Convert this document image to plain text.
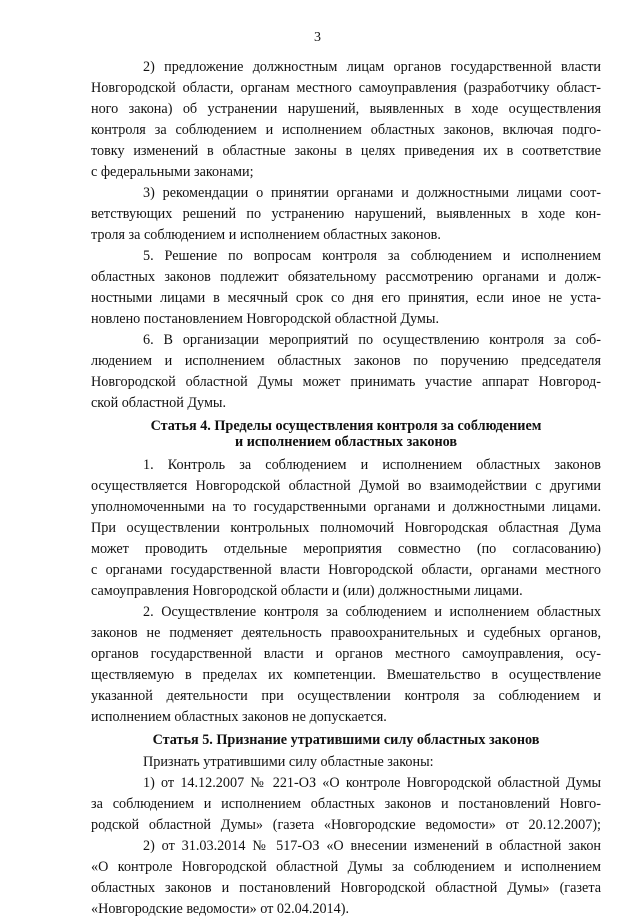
3
2) предложение должностным лицам органов государственной власти
Новгородской области, органам местного самоуправления (разработчику област-
ного закона) об устранении нарушений, выявленных в ходе осуществления
контроля за соблюдением и исполнением областных законов, включая подго-
товку изменений в областные законы в целях приведения их в соответствие
с федеральными законами;
3) рекомендации о принятии органами и должностными лицами соот-
ветствующих решений по устранению нарушений, выявленных в ходе кон-
троля за соблюдением и исполнением областных законов.
5. Решение по вопросам контроля за соблюдением и исполнением
областных законов подлежит обязательному рассмотрению органами и долж-
ностными лицами в месячный срок со дня его принятия, если иное не уста-
новлено постановлением Новгородской областной Думы.
6. В организации мероприятий по осуществлению контроля за соб-
людением и исполнением областных законов по поручению председателя
Новгородской областной Думы может принимать участие аппарат Новгород-
ской областной Думы.
Статья 4. Пределы осуществления контроля за соблюдением
и исполнением областных законов
1. Контроль за соблюдением и исполнением областных законов
осуществляется Новгородской областной Думой во взаимодействии с другими
уполномоченными на то государственными органами и должностными лицами.
При осуществлении контрольных полномочий Новгородская областная Дума
может проводить отдельные мероприятия совместно (по согласованию)
с органами государственной власти Новгородской области, органами местного
самоуправления Новгородской области и (или) должностными лицами.
2. Осуществление контроля за соблюдением и исполнением областных
законов не подменяет деятельность правоохранительных и судебных органов,
органов государственной власти и органов местного самоуправления, осу-
ществляемую в пределах их компетенции. Вмешательство в осуществление
указанной деятельности при осуществлении контроля за соблюдением и
исполнением областных законов не допускается.
Статья 5. Признание утратившими силу областных законов
Признать утратившими силу областные законы:
1) от 14.12.2007 № 221-ОЗ «О контроле Новгородской областной Думы
за соблюдением и исполнением областных законов и постановлений Новго-
родской областной Думы» (газета «Новгородские ведомости» от 20.12.2007);
2) от 31.03.2014 № 517-ОЗ «О внесении изменений в областной закон
«О контроле Новгородской областной Думы за соблюдением и исполнением
областных законов и постановлений Новгородской областной Думы» (газета
«Новгородские ведомости» от 02.04.2014).
